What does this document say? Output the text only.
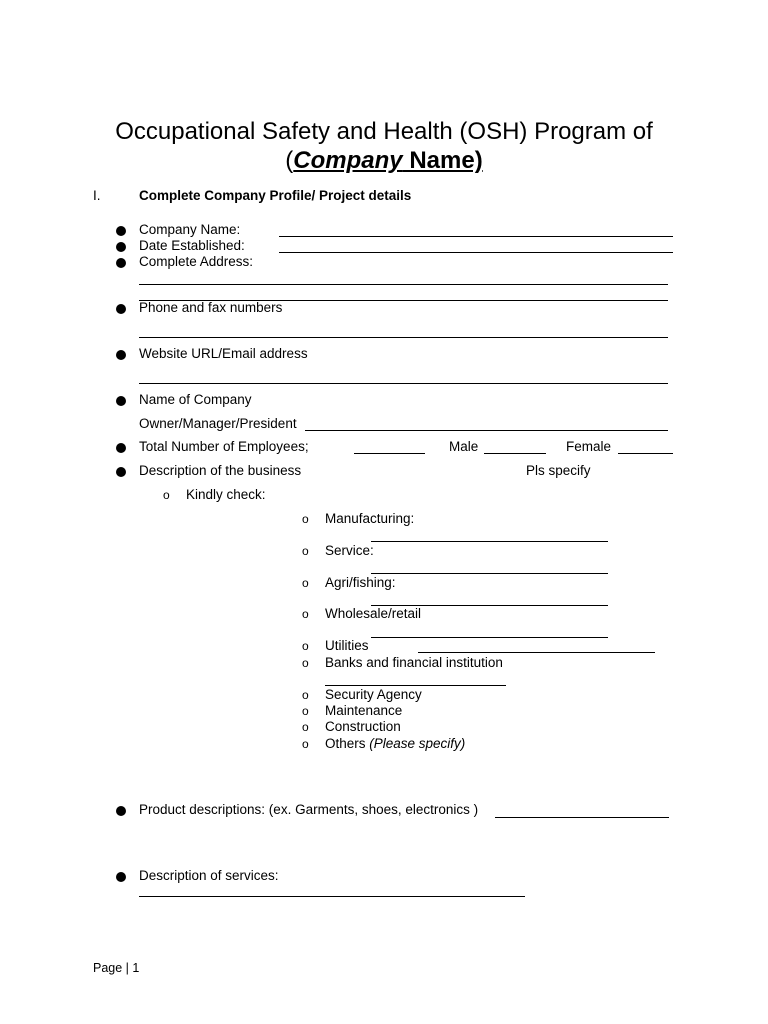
Occupational Safety and Health (OSH) Program of
(Company Name)
I.	Complete Company Profile/ Project details
Company Name:
Date Established:
Complete Address:
Phone and fax numbers
Website URL/Email address
Name of Company
Owner/Manager/President
Total Number of Employees;	Male	Female
Description of the business	Pls specify
o Kindly check:
o Manufacturing:
o Service:
o Agri/fishing:
o Wholesale/retail
o Utilities
o Banks and financial institution
o Security Agency
o Maintenance
o Construction
o Others (Please specify)
Product descriptions: (ex. Garments, shoes, electronics )
Description of services:
Page | 1
